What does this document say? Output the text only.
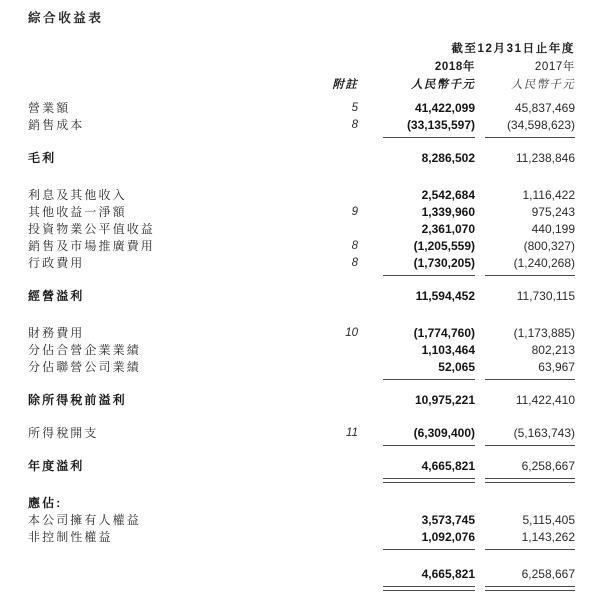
綜合收益表
截至12月31日止年度
2018年	2017年
附註	人民幣千元	人民幣千元
營業額	5	41,422,099	45,837,469
銷售成本	8	(33,135,597)	(34,598,623)
毛利	8,286,502	11,238,846
利息及其他收入	2,542,684	1,116,422
其他收益一淨額	9	1,339,960	975,243
投資物業公平值收益	2,361,070	440,199
銷售及市場推廣費用	8	(1,205,559)	(800,327)
行政費用	8	(1,730,205)	(1,240,268)
經營溢利	11,594,452	11,730,115
財務費用	10	(1,774,760)	(1,173,885)
分佔合營企業業績	1,103,464	802,213
分佔聯營公司業績	52,065	63,967
除所得稅前溢利	10,975,221	11,422,410
所得稅開支	11	(6,309,400)	(5,163,743)
年度溢利	4,665,821	6,258,667
應佔:
本公司擁有人權益	3,573,745	5,115,405
非控制性權益	1,092,076	1,143,262
4,665,821	6,258,667
